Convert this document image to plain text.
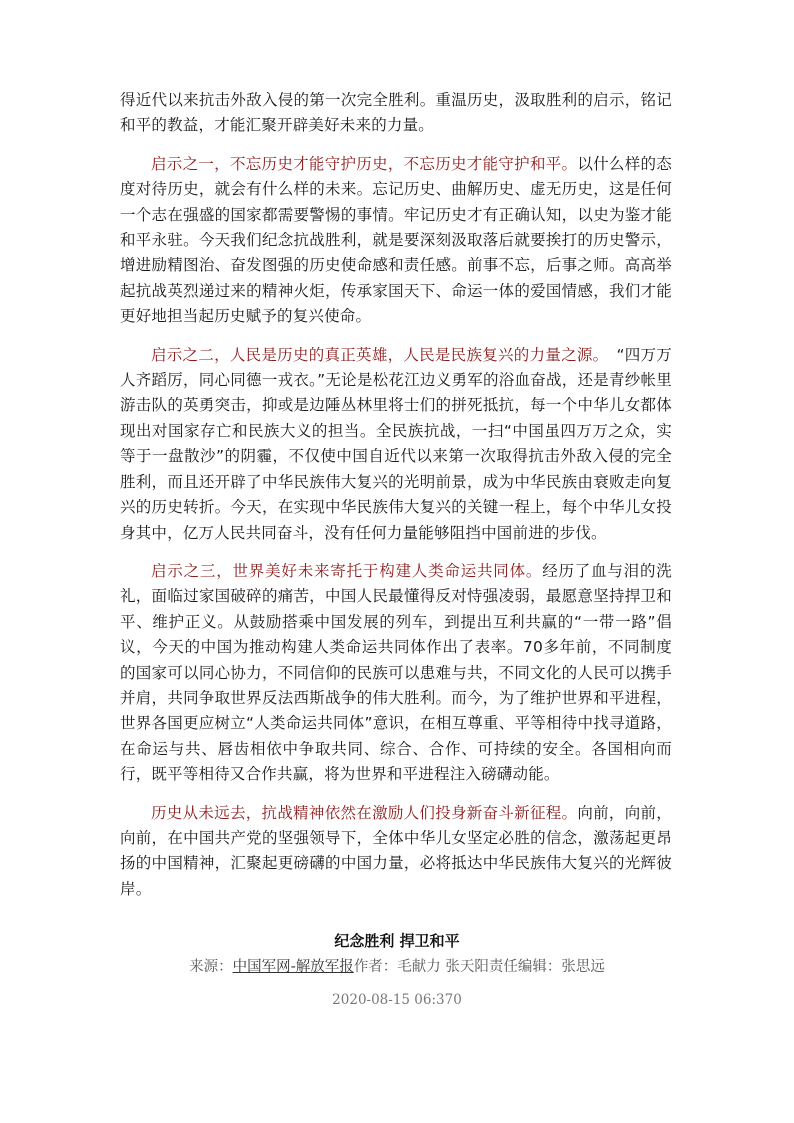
得近代以来抗击外敌入侵的第一次完全胜利。重温历史，汲取胜利的启示，铭记和平的教益，才能汇聚开辟美好未来的力量。

启示之一，不忘历史才能守护历史，不忘历史才能守护和平。以什么样的态度对待历史，就会有什么样的未来。忘记历史、曲解历史、虚无历史，这是任何一个志在强盛的国家都需要警惕的事情。牢记历史才有正确认知，以史为鉴才能和平永驻。今天我们纪念抗战胜利，就是要深刻汲取落后就要挨打的历史警示，增进励精图治、奋发图强的历史使命感和责任感。前事不忘，后事之师。高高举起抗战英烈递过来的精神火炬，传承家国天下、命运一体的爱国情感，我们才能更好地担当起历史赋予的复兴使命。

启示之二，人民是历史的真正英雄，人民是民族复兴的力量之源。　“四万万人齐蹈厉，同心同德一戎衣。”无论是松花江边义勇军的浴血奋战，还是青纱帐里游击队的英勇突击，抑或是边陲丛林里将士们的拼死抵抗，每一个中华儿女都体现出对国家存亡和民族大义的担当。全民族抗战，一扫“中国虽四万万之众，实等于一盘散沙”的阴霾，不仅使中国自近代以来第一次取得抗击外敌入侵的完全胜利，而且还开辟了中华民族伟大复兴的光明前景，成为中华民族由衰败走向复兴的历史转折。今天，在实现中华民族伟大复兴的关键一程上，每个中华儿女投身其中，亿万人民共同奋斗，没有任何力量能够阻挡中国前进的步伐。

启示之三，世界美好未来寄托于构建人类命运共同体。经历了血与泪的洗礼，面临过家国破碎的痛苦，中国人民最懂得反对恃强凌弱，最愿意坚持捍卫和平、维护正义。从鼓励搭乘中国发展的列车，到提出互利共赢的“一带一路”倡议，今天的中国为推动构建人类命运共同体作出了表率。70多年前，不同制度的国家可以同心协力，不同信仰的民族可以患难与共，不同文化的人民可以携手并肩，共同争取世界反法西斯战争的伟大胜利。而今，为了维护世界和平进程，世界各国更应树立“人类命运共同体”意识，在相互尊重、平等相待中找寻道路，在命运与共、唇齿相依中争取共同、综合、合作、可持续的安全。各国相向而行，既平等相待又合作共赢，将为世界和平进程注入磅礴动能。

历史从未远去，抗战精神依然在激励人们投身新奋斗新征程。向前，向前，向前，在中国共产党的坚强领导下，全体中华儿女坚定必胜的信念，激荡起更昂扬的中国精神，汇聚起更磅礴的中国力量，必将抵达中华民族伟大复兴的光辉彼岸。

纪念胜利 捍卫和平
来源：中国军网-解放军报作者：毛献力 张天阳责任编辑：张思远
2020-08-15 06:370
